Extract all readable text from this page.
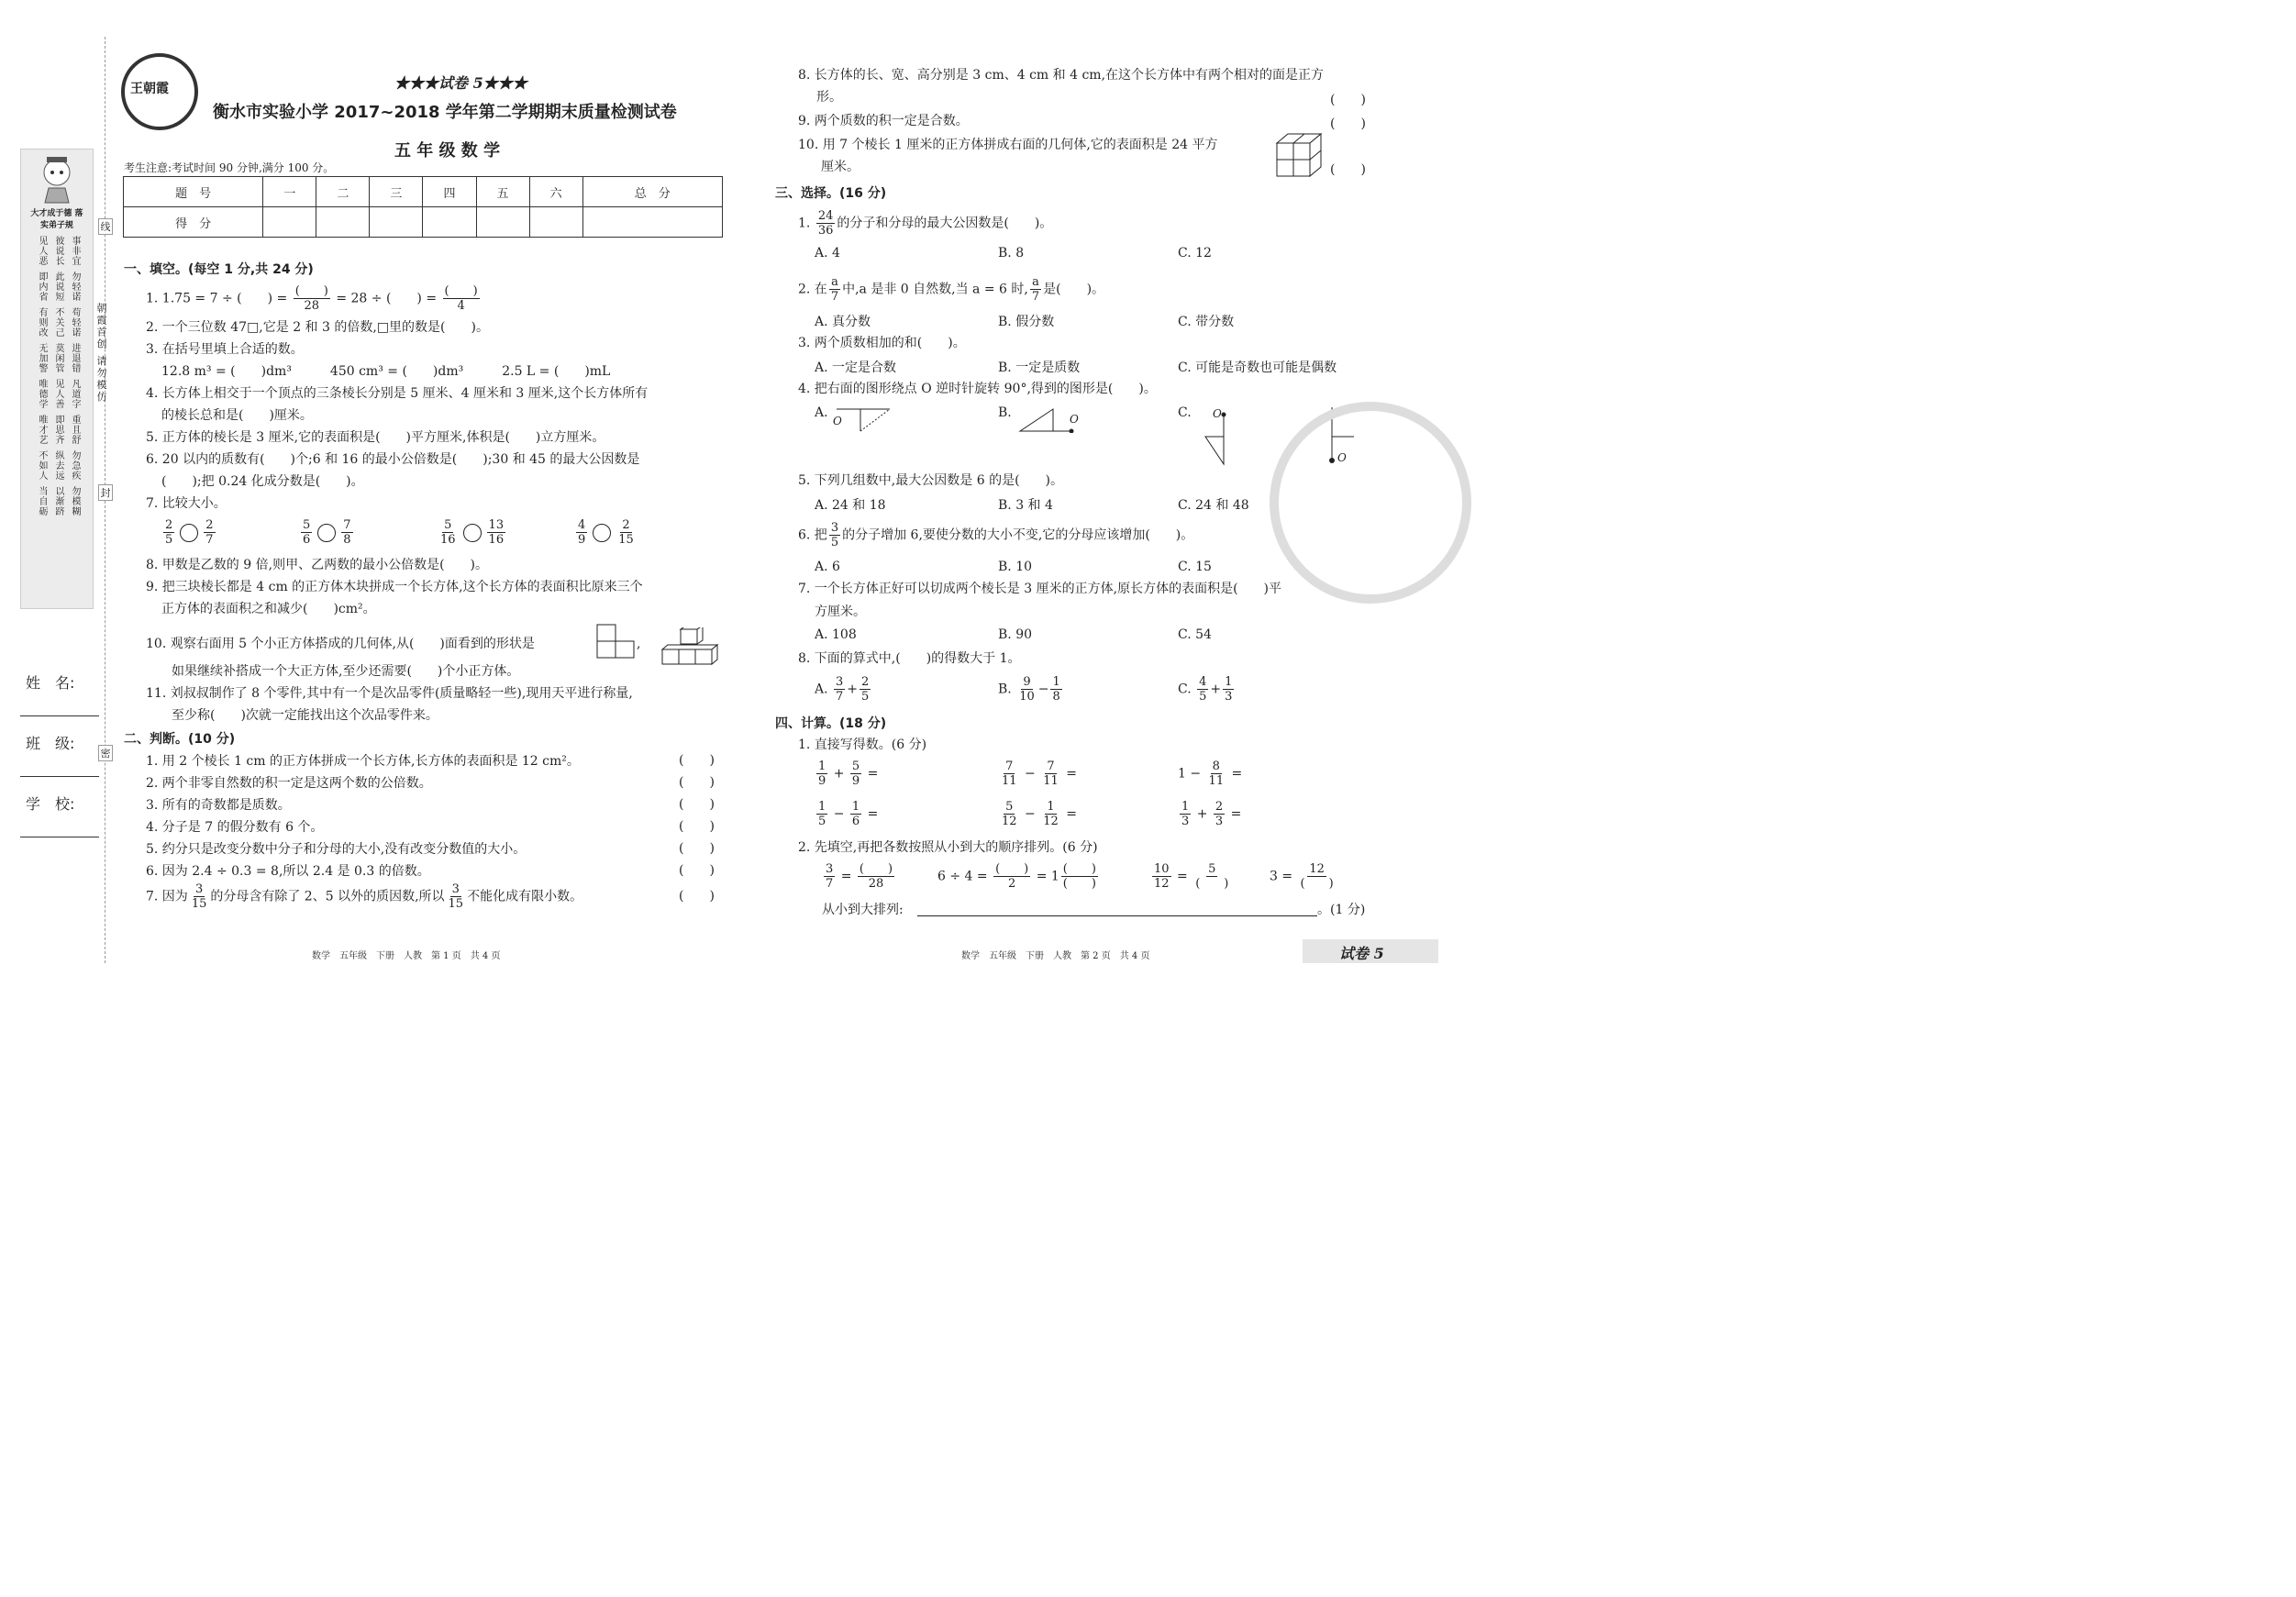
线
封
密
朝霞首创 请勿模仿
大才成于德 落实弟子规
见人恶 彼说长 事非宜
即内省 此说短 勿轻诺
有则改 不关己 苟轻诺
无加警 莫闲管 进退错
唯德学 见人善 凡道字
唯才艺 即思齐 重且舒
不如人 纵去远 勿急疾
当自砺 以渐跻 勿模糊
姓　名:
班　级:
学　校:
王朝霞	★★★试卷 5★★★
衡水市实验小学 2017~2018 学年第二学期期末质量检测试卷
五 年 级 数 学
考生注意:考试时间 90 分钟,满分 100 分。
题　号	一	二	三	四	五	六	总　分
得　分							
一、填空。(每空 1 分,共 24 分)
1. 1.75 = 7 ÷ (　　) = $\frac{( )}{28} = 28$ ÷ (　　) = $\frac{( )}{4}$
2. 一个三位数 47□,它是 2 和 3 的倍数,□里的数是(　　)。
3. 在括号里填上合适的数。
12.8 m³ = (　　)dm³　　　450 cm³ = (　　)dm³　　　2.5 L = (　　)mL
4. 长方体上相交于一个顶点的三条棱长分别是 5 厘米、4 厘米和 3 厘米,这个长方体所有
的棱长总和是(　　)厘米。
5. 正方体的棱长是 3 厘米,它的表面积是(　　)平方厘米,体积是(　　)立方厘米。
6. 20 以内的质数有(　　)个;6 和 16 的最小公倍数是(　　);30 和 45 的最大公因数是
(　　);把 0.24 化成分数是(　　)。
7. 比较大小。
$\frac{2}{5} \frac{2}{7}$	$\frac{5}{6} \frac{7}{8}$	$\frac{5}{16} \frac{13}{16}$	$\frac{4}{9} \frac{2}{15}$
8. 甲数是乙数的 9 倍,则甲、乙两数的最小公倍数是(　　)。
9. 把三块棱长都是 4 cm 的正方体木块拼成一个长方体,这个长方体的表面积比原来三个
正方体的表面积之和减少(　　)cm²。
10. 观察右面用 5 个小正方体搭成的几何体,从(　　)面看到的形状是	,
如果继续补搭成一个大正方体,至少还需要(　　)个小正方体。
11. 刘叔叔制作了 8 个零件,其中有一个是次品零件(质量略轻一些),现用天平进行称量,
至少称(　　)次就一定能找出这个次品零件来。
二、判断。(10 分)
1. 用 2 个棱长 1 cm 的正方体拼成一个长方体,长方体的表面积是 12 cm²。	(　　)
2. 两个非零自然数的积一定是这两个数的公倍数。	(　　)
3. 所有的奇数都是质数。	(　　)
4. 分子是 7 的假分数有 6 个。	(　　)
5. 约分只是改变分数中分子和分母的大小,没有改变分数值的大小。	(　　)
6. 因为 2.4 ÷ 0.3 = 8,所以 2.4 是 0.3 的倍数。	(　　)
7. 因为 $\frac{3}{15}$ 的分母含有除了 2、5 以外的质因数,所以 $\frac{3}{15}$ 不能化成有限小数。	(　　)
数学　五年级　下册　人教　第 1 页　共 4 页
8. 长方体的长、宽、高分别是 3 cm、4 cm 和 4 cm,在这个长方体中有两个相对的面是正方
形。	(　　)
9. 两个质数的积一定是合数。	(　　)
10. 用 7 个棱长 1 厘米的正方体拼成右面的几何体,它的表面积是 24 平方
厘米。	(　　)
三、选择。(16 分)
1. $\frac{24}{36}$ 的分子和分母的最大公因数是(　　)。
A. 4	B. 8	C. 12
2. 在 $\frac{a}{7}$ 中,a 是非 0 自然数,当 a = 6 时, $\frac{a}{7}$ 是(　　)。
A. 真分数	B. 假分数	C. 带分数
3. 两个质数相加的和(　　)。
A. 一定是合数	B. 一定是质数	C. 可能是奇数也可能是偶数
4. 把右面的图形绕点 O 逆时针旋转 90°,得到的图形是(　　)。
A.
O
B.	O	C. O
O
5. 下列几组数中,最大公因数是 6 的是(　　)。
A. 24 和 18	B. 3 和 4	C. 24 和 48
6. 把 $\frac{3}{5}$ 的分子增加 6,要使分数的大小不变,它的分母应该增加(　　)。
A. 6	B. 10	C. 15
7. 一个长方体正好可以切成两个棱长是 3 厘米的正方体,原长方体的表面积是(　　)平
方厘米。
A. 108	B. 90	C. 54
8. 下面的算式中,(　　)的得数大于 1。
A. $\frac{3}{7} + \frac{2}{5}$	B. $\frac{9}{10} - \frac{1}{8}$	C. $\frac{4}{5} + \frac{1}{3}$
四、计算。(18 分)
1. 直接写得数。(6 分)
$\frac{1}{9} + \frac{5}{9}$ =	$\frac{7}{11} - \frac{7}{11}$ =	$1 - \frac{8}{11}$ =
$\frac{1}{5} - \frac{1}{6}$ =	$\frac{5}{12} - \frac{1}{12}$ =	$\frac{1}{3} + \frac{2}{3}$ =
2. 先填空,再把各数按照从小到大的顺序排列。(6 分)
$\frac{3}{7} = \frac{( )}{28}$	$6 \div 4 = \frac{( )}{2} = 1 \frac{( )}{( )}$	$\frac{10}{12} = \frac{5}{( )}$	$3 = \frac{12}{( )}$
从小到大排列:	。(1 分)
数学　五年级　下册　人教　第 2 页　共 4 页	试卷 5
